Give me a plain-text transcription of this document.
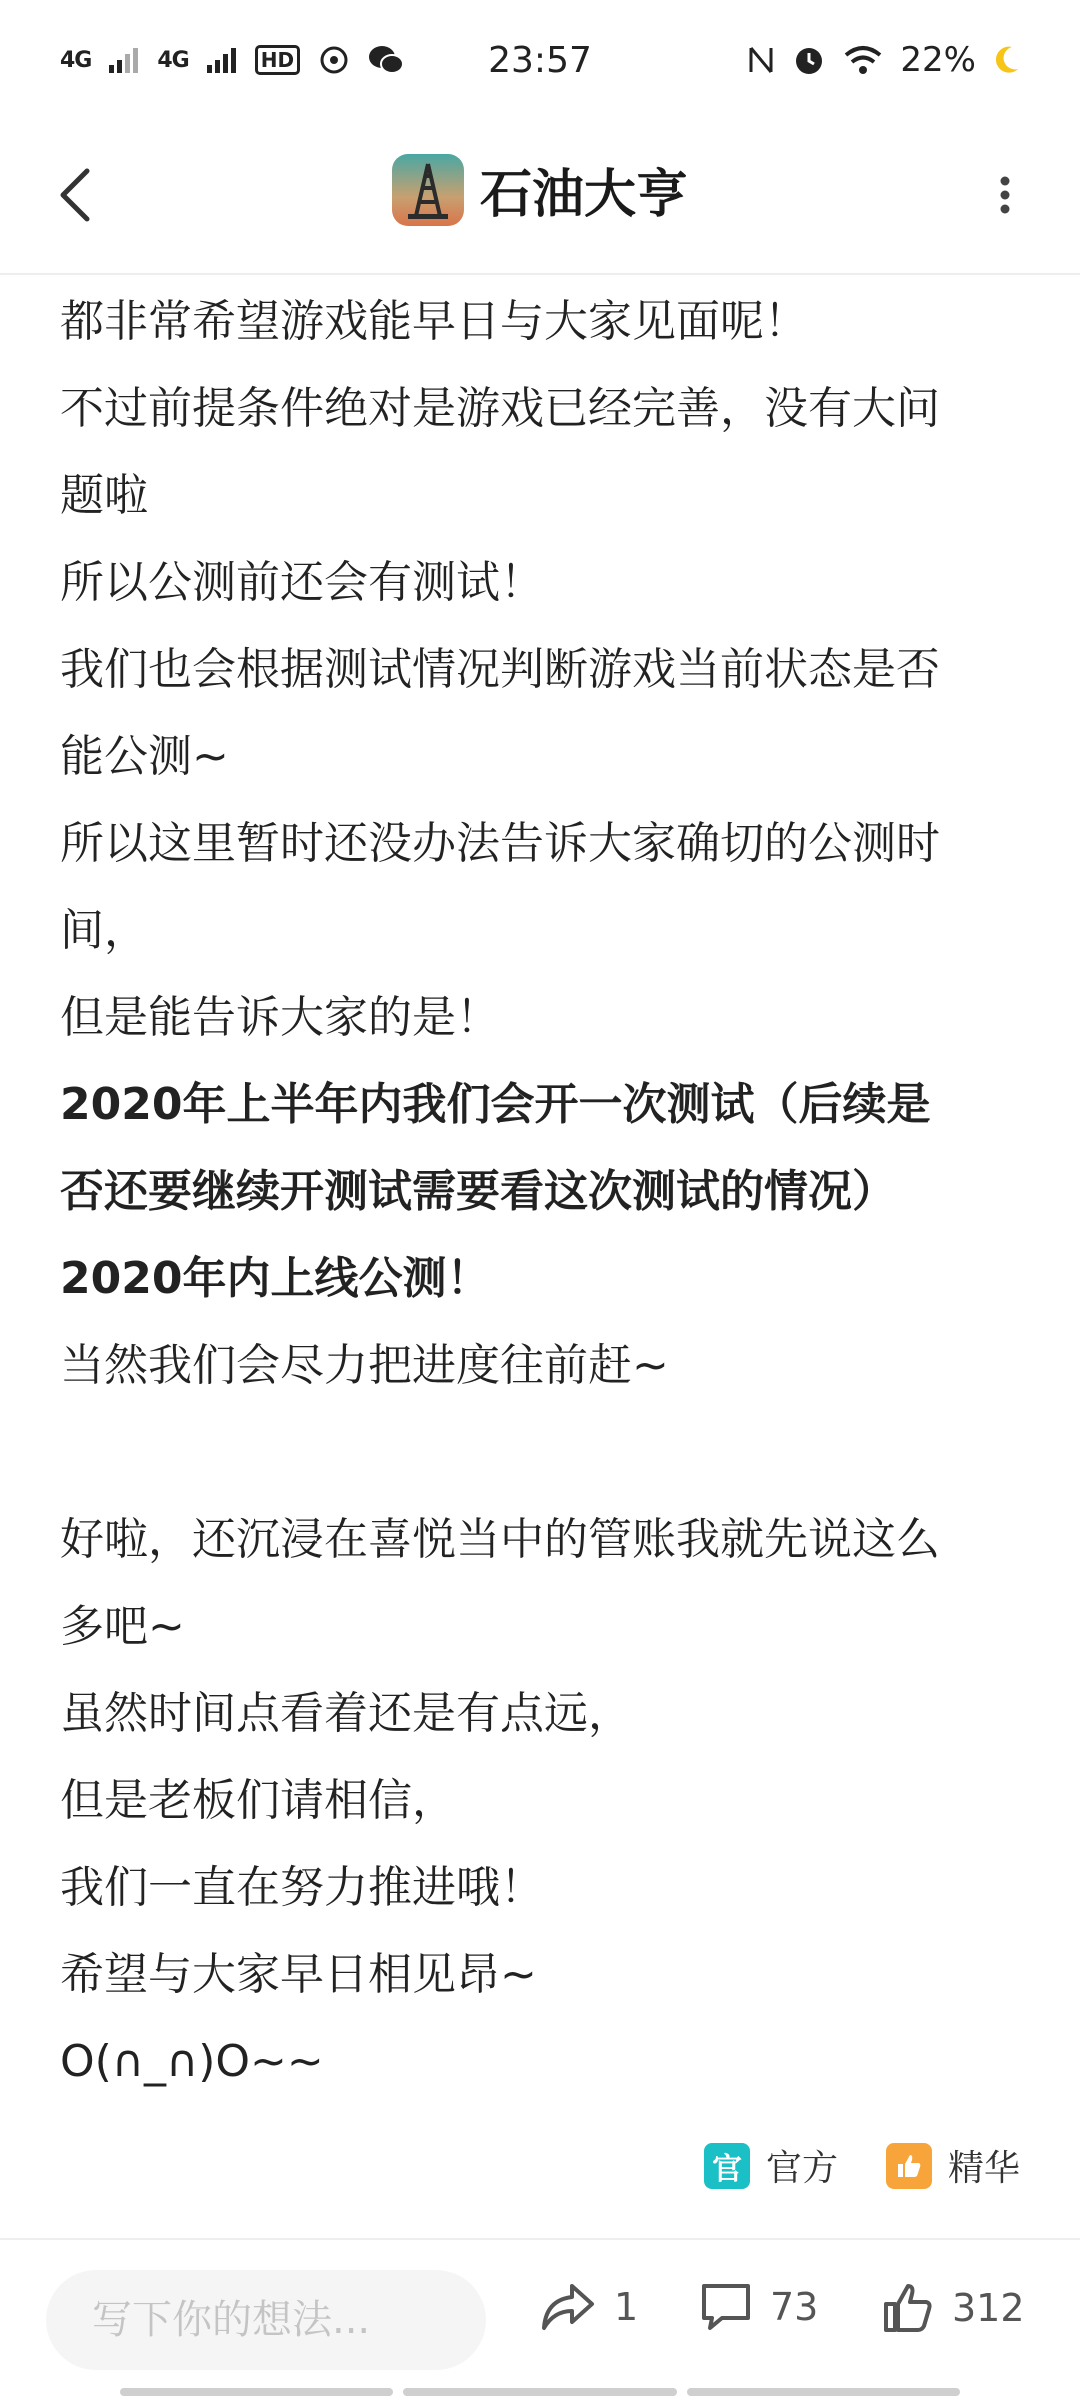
4G	4G	HD	23:57	22%
石油大亨
都非常希望游戏能早日与大家见面呢！
不过前提条件绝对是游戏已经完善，没有大问
题啦
所以公测前还会有测试！
我们也会根据测试情况判断游戏当前状态是否
能公测~
所以这里暂时还没办法告诉大家确切的公测时
间，
但是能告诉大家的是！
2020年上半年内我们会开一次测试（后续是
否还要继续开测试需要看这次测试的情况）
2020年内上线公测！
当然我们会尽力把进度往前赶~
好啦，还沉浸在喜悦当中的管账我就先说这么
多吧~
虽然时间点看着还是有点远，
但是老板们请相信，
我们一直在努力推进哦！
希望与大家早日相见昂~
O(∩_∩)O~~
官 官方	精华
写下你的想法...
1	73	312
